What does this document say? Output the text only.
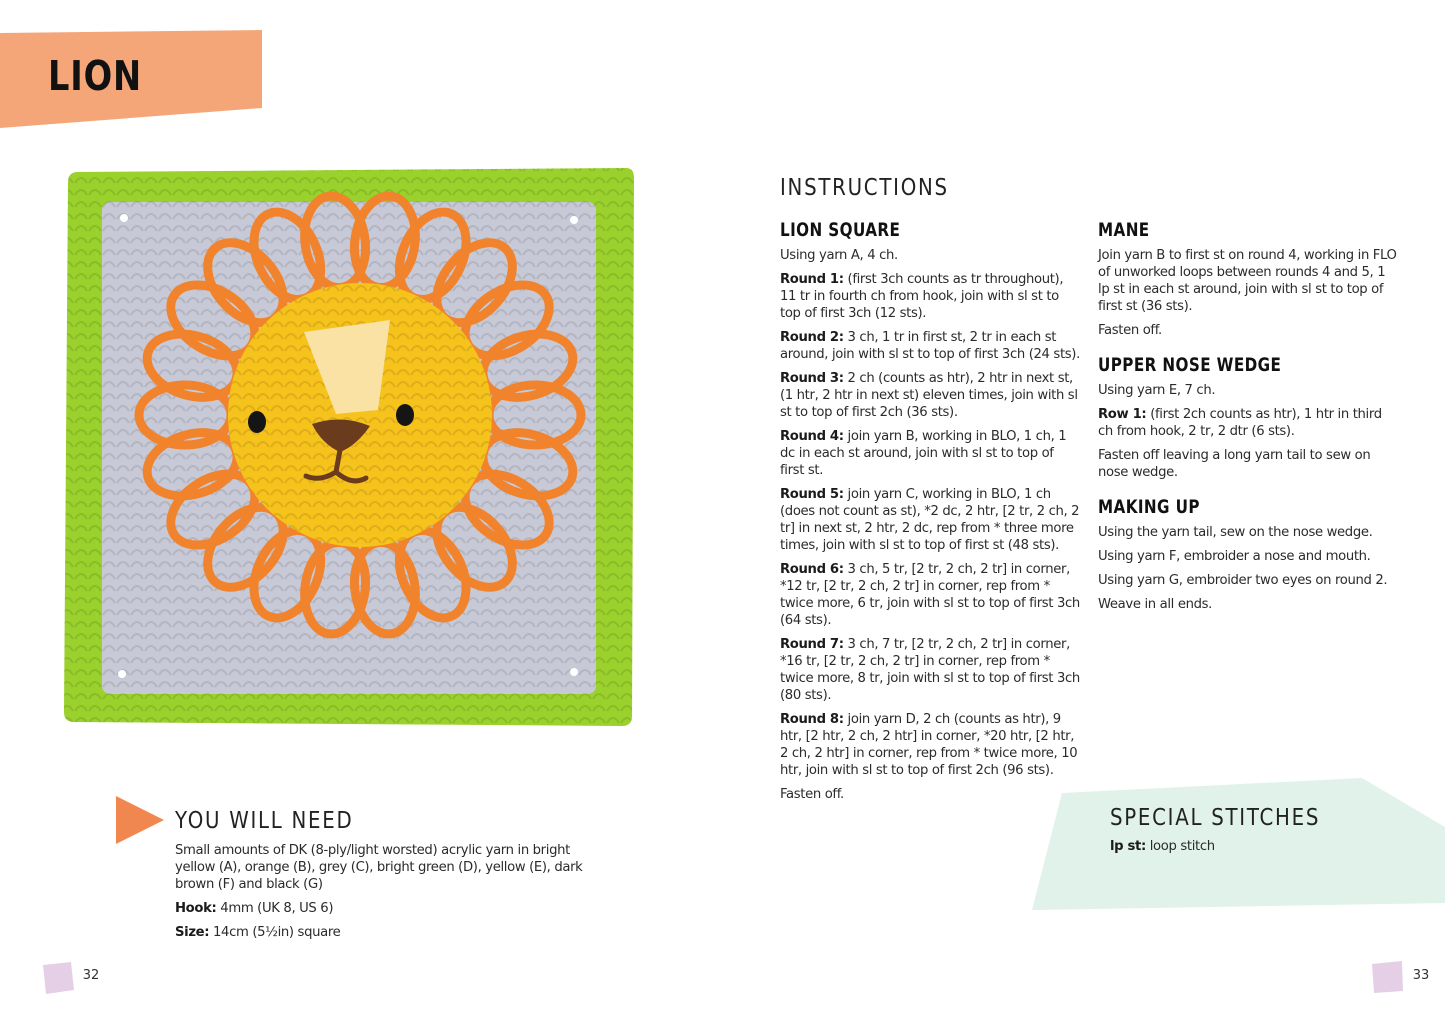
LION
INSTRUCTIONS
LION SQUARE

Using yarn A, 4 ch.

Round 1: (first 3ch counts as tr throughout), 11 tr in fourth ch from hook, join with sl st to top of first 3ch (12 sts).

Round 2: 3 ch, 1 tr in first st, 2 tr in each st around, join with sl st to top of first 3ch (24 sts).

Round 3: 2 ch (counts as htr), 2 htr in next st, (1 htr, 2 htr in next st) eleven times, join with sl st to top of first 2ch (36 sts).

Round 4: join yarn B, working in BLO, 1 ch, 1 dc in each st around, join with sl st to top of first st.

Round 5: join yarn C, working in BLO, 1 ch (does not count as st), *2 dc, 2 htr, [2 tr, 2 ch, 2 tr] in next st, 2 htr, 2 dc, rep from * three more times, join with sl st to top of first st (48 sts).

Round 6: 3 ch, 5 tr, [2 tr, 2 ch, 2 tr] in corner, *12 tr, [2 tr, 2 ch, 2 tr] in corner, rep from * twice more, 6 tr, join with sl st to top of first 3ch (64 sts).

Round 7: 3 ch, 7 tr, [2 tr, 2 ch, 2 tr] in corner, *16 tr, [2 tr, 2 ch, 2 tr] in corner, rep from * twice more, 8 tr, join with sl st to top of first 3ch (80 sts).

Round 8: join yarn D, 2 ch (counts as htr), 9 htr, [2 htr, 2 ch, 2 htr] in corner, *20 htr, [2 htr, 2 ch, 2 htr] in corner, rep from * twice more, 10 htr, join with sl st to top of first 2ch (96 sts).

Fasten off.

MANE

Join yarn B to first st on round 4, working in FLO of unworked loops between rounds 4 and 5, 1 lp st in each st around, join with sl st to top of first st (36 sts).

Fasten off.

UPPER NOSE WEDGE

Using yarn E, 7 ch.

Row 1: (first 2ch counts as htr), 1 htr in third ch from hook, 2 tr, 2 dtr (6 sts).

Fasten off leaving a long yarn tail to sew on nose wedge.

MAKING UP

Using the yarn tail, sew on the nose wedge.

Using yarn F, embroider a nose and mouth.

Using yarn G, embroider two eyes on round 2.

Weave in all ends.

YOU WILL NEED

Small amounts of DK (8-ply/light worsted) acrylic yarn in bright yellow (A), orange (B), grey (C), bright green (D), yellow (E), dark brown (F) and black (G)

Hook: 4mm (UK 8, US 6)

Size: 14cm (5½in) square

SPECIAL STITCHES

lp st: loop stitch

32	33
